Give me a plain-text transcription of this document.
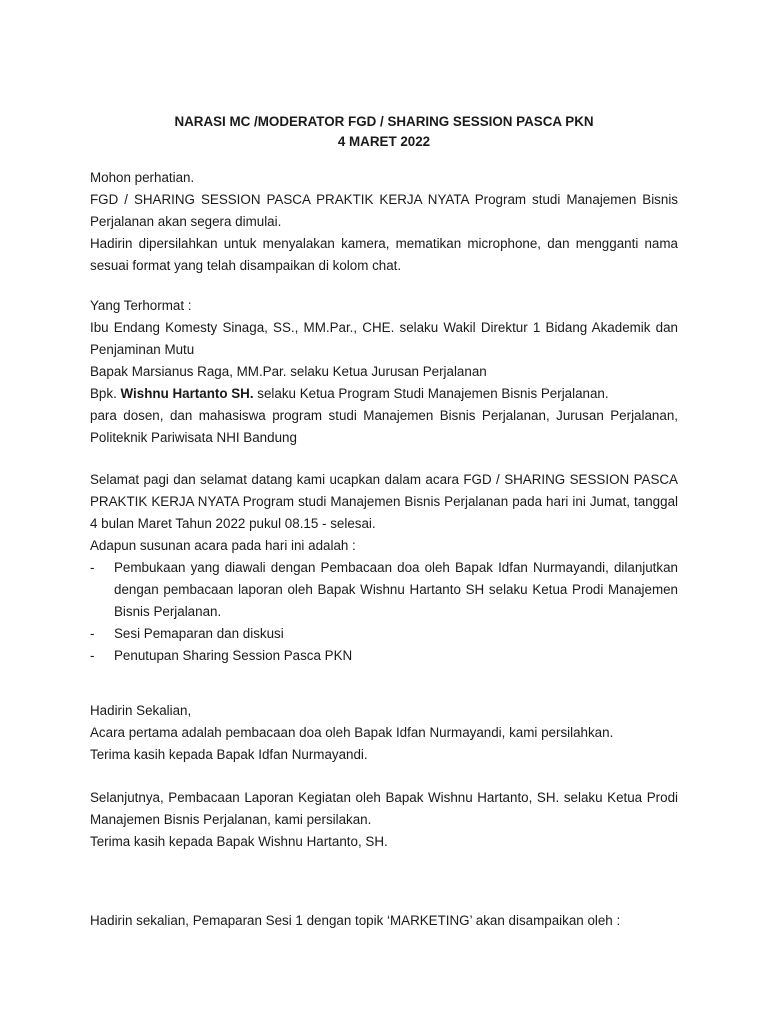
NARASI MC /MODERATOR FGD / SHARING SESSION PASCA PKN
4 MARET 2022
Mohon perhatian.
FGD / SHARING SESSION PASCA PRAKTIK KERJA NYATA Program studi Manajemen Bisnis Perjalanan akan segera dimulai.
Hadirin dipersilahkan untuk menyalakan kamera, mematikan microphone, dan mengganti nama sesuai format yang telah disampaikan di kolom chat.
Yang Terhormat :
Ibu Endang Komesty Sinaga, SS., MM.Par., CHE. selaku Wakil Direktur 1 Bidang Akademik dan Penjaminan Mutu
Bapak Marsianus Raga, MM.Par. selaku Ketua Jurusan Perjalanan
Bpk. Wishnu Hartanto SH. selaku Ketua Program Studi Manajemen Bisnis Perjalanan.
para dosen, dan mahasiswa program studi Manajemen Bisnis Perjalanan, Jurusan Perjalanan, Politeknik Pariwisata NHI Bandung
Selamat pagi dan selamat datang kami ucapkan dalam acara FGD / SHARING SESSION PASCA PRAKTIK KERJA NYATA Program studi Manajemen Bisnis Perjalanan pada hari ini Jumat, tanggal 4 bulan Maret Tahun 2022 pukul 08.15 - selesai.
Adapun susunan acara pada hari ini adalah :
- Pembukaan yang diawali dengan Pembacaan doa oleh Bapak Idfan Nurmayandi, dilanjutkan dengan pembacaan laporan oleh Bapak Wishnu Hartanto SH selaku Ketua Prodi Manajemen Bisnis Perjalanan.
- Sesi Pemaparan dan diskusi
- Penutupan Sharing Session Pasca PKN
Hadirin Sekalian,
Acara pertama adalah pembacaan doa oleh Bapak Idfan Nurmayandi, kami persilahkan.
Terima kasih kepada Bapak Idfan Nurmayandi.
Selanjutnya, Pembacaan Laporan Kegiatan oleh Bapak Wishnu Hartanto, SH. selaku Ketua Prodi Manajemen Bisnis Perjalanan, kami persilakan.
Terima kasih kepada Bapak Wishnu Hartanto, SH.
Hadirin sekalian, Pemaparan Sesi 1 dengan topik ‘MARKETING’ akan disampaikan oleh :
